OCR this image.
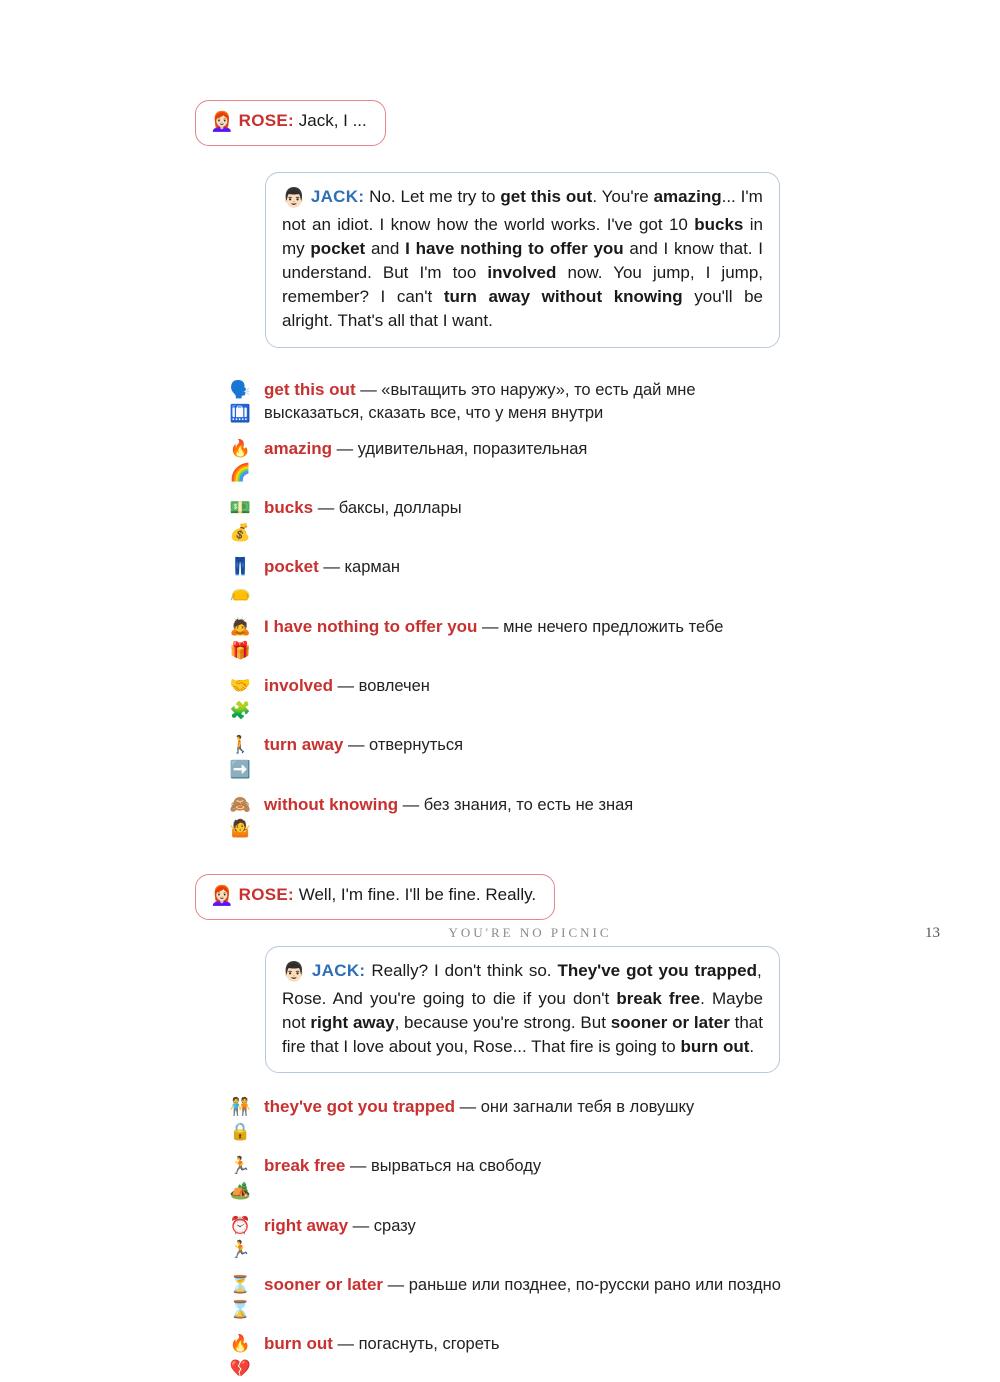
👩🏻‍🦰 ROSE: Jack, I ...
👨🏻 JACK: No. Let me try to get this out. You're amazing... I'm not an idiot. I know how the world works. I've got 10 bucks in my pocket and I have nothing to offer you and I know that. I understand. But I'm too involved now. You jump, I jump, remember? I can't turn away without knowing you'll be alright. That's all that I want.
🗣️🛄
get this out — «вытащить это наружу», то есть дай мне высказаться, сказать все, что у меня внутри
🔥🌈
amazing — удивительная, поразительная
💵💰
bucks — баксы, доллары
👖👝
pocket — карман
🙇🎁
I have nothing to offer you — мне нечего предложить тебе
🤝🧩
involved — вовлечен
🚶➡️
turn away — отвернуться
🙈🤷
without knowing — без знания, то есть не зная
👩🏻‍🦰 ROSE: Well, I'm fine. I'll be fine. Really.
👨🏻 JACK: Really? I don't think so. They've got you trapped, Rose. And you're going to die if you don't break free. Maybe not right away, because you're strong. But sooner or later that fire that I love about you, Rose... That fire is going to burn out.
🧑‍🤝‍🧑🔒
they've got you trapped — они загнали тебя в ловушку
🏃🏕️
break free — вырваться на свободу
⏰🏃
right away — сразу
⏳⌛
sooner or later — раньше или позднее, по-русски рано или поздно
🔥💔
burn out — погаснуть, сгореть
YOU'RE NO PICNIC	13
